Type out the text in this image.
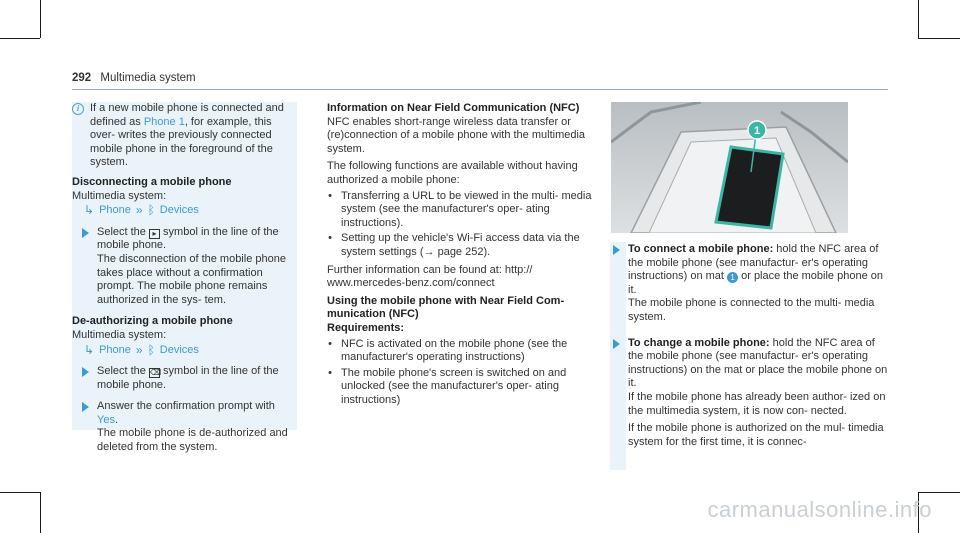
292 Multimedia system
i If a new mobile phone is connected and defined as Phone 1, for example, this over- writes the previously connected mobile phone in the foreground of the system.
Disconnecting a mobile phone
Multimedia system:
↳ Phone » ᛒ Devices
Select the ▸ symbol in the line of the mobile phone.
The disconnection of the mobile phone takes place without a confirmation prompt. The mobile phone remains authorized in the sys- tem.
De-authorizing a mobile phone
Multimedia system:
↳ Phone » ᛒ Devices
Select the ⌫ symbol in the line of the mobile phone.
Answer the confirmation prompt with Yes.
The mobile phone is de-authorized and deleted from the system.
Information on Near Field Communication (NFC)
NFC enables short-range wireless data transfer or (re)connection of a mobile phone with the multimedia system.
The following functions are available without having authorized a mobile phone:
• Transferring a URL to be viewed in the multi- media system (see the manufacturer's oper- ating instructions).
• Setting up the vehicle's Wi-Fi access data via the system settings (→ page 252).
Further information can be found at: http:// www.mercedes-benz.com/connect
Using the mobile phone with Near Field Com- munication (NFC)
Requirements:
• NFC is activated on the mobile phone (see the manufacturer's operating instructions)
• The mobile phone's screen is switched on and unlocked (see the manufacturer's oper- ating instructions)
1
To connect a mobile phone: hold the NFC area of the mobile phone (see manufactur- er's operating instructions) on mat 1 or place the mobile phone on it.
The mobile phone is connected to the multi- media system.
To change a mobile phone: hold the NFC area of the mobile phone (see manufactur- er's operating instructions) on the mat or place the mobile phone on it.
If the mobile phone has already been author- ized on the multimedia system, it is now con- nected.
If the mobile phone is authorized on the mul- timedia system for the first time, it is connec-
carmanualsonline.info
